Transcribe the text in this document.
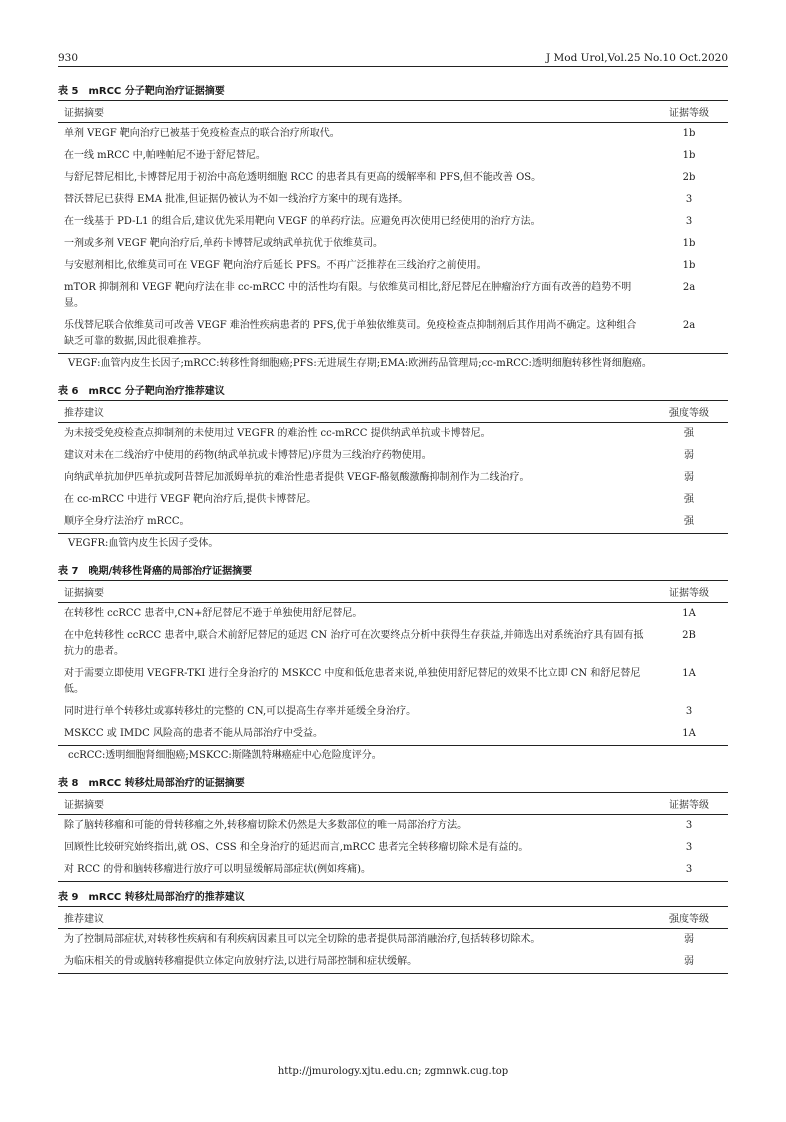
930	J Mod Urol,Vol.25 No.10 Oct.2020
表 5 mRCC 分子靶向治疗证据摘要
证据摘要	证据等级
单剂 VEGF 靶向治疗已被基于免疫检查点的联合治疗所取代。	1b
在一线 mRCC 中,帕唑帕尼不逊于舒尼替尼。	1b
与舒尼替尼相比,卡博替尼用于初治中高危透明细胞 RCC 的患者具有更高的缓解率和 PFS,但不能改善 OS。	2b
替沃替尼已获得 EMA 批准,但证据仍被认为不如一线治疗方案中的现有选择。	3
在一线基于 PD-L1 的组合后,建议优先采用靶向 VEGF 的单药疗法。应避免再次使用已经使用的治疗方法。	3
一剂或多剂 VEGF 靶向治疗后,单药卡博替尼或纳武单抗优于依维莫司。	1b
与安慰剂相比,依维莫司可在 VEGF 靶向治疗后延长 PFS。不再广泛推荐在三线治疗之前使用。	1b
mTOR 抑制剂和 VEGF 靶向疗法在非 cc-mRCC 中的活性均有限。与依维莫司相比,舒尼替尼在肿瘤治疗方面有改善的趋势不明显。	2a
乐伐替尼联合依维莫司可改善 VEGF 难治性疾病患者的 PFS,优于单独依维莫司。免疫检查点抑制剂后其作用尚不确定。这种组合缺乏可靠的数据,因此很难推荐。	2a
VEGF:血管内皮生长因子;mRCC:转移性肾细胞癌;PFS:无进展生存期;EMA:欧洲药品管理局;cc-mRCC:透明细胞转移性肾细胞癌。
表 6 mRCC 分子靶向治疗推荐建议
推荐建议	强度等级
为未接受免疫检查点抑制剂的未使用过 VEGFR 的难治性 cc-mRCC 提供纳武单抗或卡博替尼。	强
建议对未在二线治疗中使用的药物(纳武单抗或卡博替尼)序贯为三线治疗药物使用。	弱
向纳武单抗加伊匹单抗或阿昔替尼加派姆单抗的难治性患者提供 VEGF-酪氨酸激酶抑制剂作为二线治疗。	弱
在 cc-mRCC 中进行 VEGF 靶向治疗后,提供卡博替尼。	强
顺序全身疗法治疗 mRCC。	强
VEGFR:血管内皮生长因子受体。
表 7 晚期/转移性肾癌的局部治疗证据摘要
证据摘要	证据等级
在转移性 ccRCC 患者中,CN+舒尼替尼不逊于单独使用舒尼替尼。	1A
在中危转移性 ccRCC 患者中,联合术前舒尼替尼的延迟 CN 治疗可在次要终点分析中获得生存获益,并筛选出对系统治疗具有固有抵抗力的患者。	2B
对于需要立即使用 VEGFR-TKI 进行全身治疗的 MSKCC 中度和低危患者来说,单独使用舒尼替尼的效果不比立即 CN 和舒尼替尼低。	1A
同时进行单个转移灶或寡转移灶的完整的 CN,可以提高生存率并延缓全身治疗。	3
MSKCC 或 IMDC 风险高的患者不能从局部治疗中受益。	1A
ccRCC:透明细胞肾细胞癌;MSKCC:斯隆凯特琳癌症中心危险度评分。
表 8 mRCC 转移灶局部治疗的证据摘要
证据摘要	证据等级
除了脑转移瘤和可能的骨转移瘤之外,转移瘤切除术仍然是大多数部位的唯一局部治疗方法。	3
回顾性比较研究始终指出,就 OS、CSS 和全身治疗的延迟而言,mRCC 患者完全转移瘤切除术是有益的。	3
对 RCC 的骨和脑转移瘤进行放疗可以明显缓解局部症状(例如疼痛)。	3
表 9 mRCC 转移灶局部治疗的推荐建议
推荐建议	强度等级
为了控制局部症状,对转移性疾病和有利疾病因素且可以完全切除的患者提供局部消融治疗,包括转移切除术。	弱
为临床相关的骨或脑转移瘤提供立体定向放射疗法,以进行局部控制和症状缓解。	弱
http://jmurology.xjtu.edu.cn; zgmnwk.cug.top
